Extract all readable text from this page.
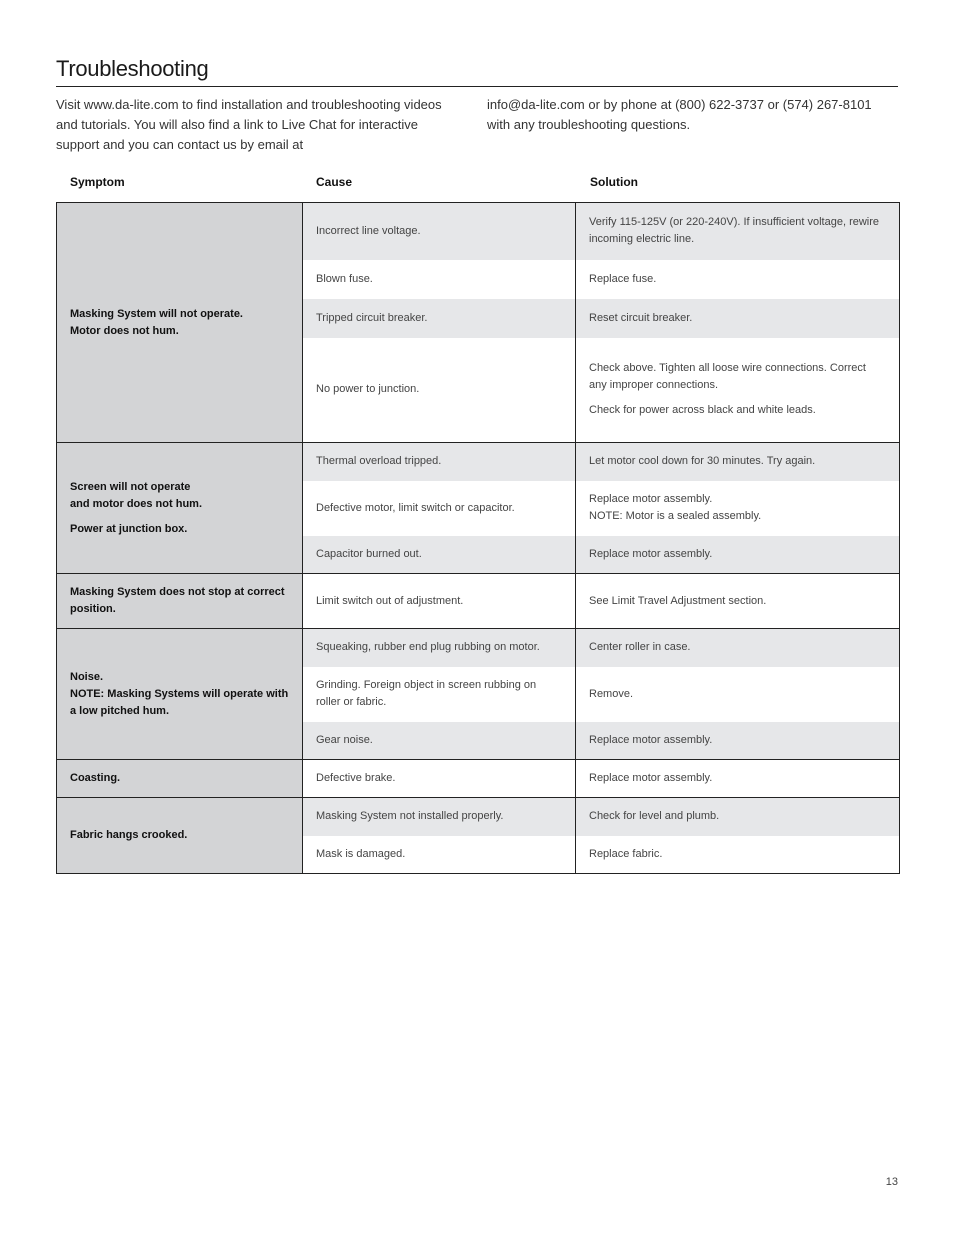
Troubleshooting
Visit www.da-lite.com to find installation and troubleshooting videos and tutorials. You will also find a link to Live Chat for interactive support and you can contact us by email at
info@da-lite.com or by phone at (800) 622-3737 or (574) 267-8101 with any troubleshooting questions.
Symptom	Cause	Solution

Masking System will not operate.

Motor does not hum.	Incorrect line voltage.	Verify 115-125V (or 220-240V). If insufficient voltage, rewire incoming electric line.

	Blown fuse.	Replace fuse.

	Tripped circuit breaker.	Reset circuit breaker.

	No power to junction.	Check above. Tighten all loose wire connections. Correct any improper connections.

Check for power across black and white leads.

Screen will not operate

and motor does not hum.

Power at junction box.	Thermal overload tripped.	Let motor cool down for 30 minutes. Try again.

	Defective motor, limit switch or capacitor.	Replace motor assembly.

NOTE: Motor is a sealed assembly.

	Capacitor burned out.	Replace motor assembly.

Masking System does not stop at correct position.	Limit switch out of adjustment.	See Limit Travel Adjustment section.

Noise.

NOTE: Masking Systems will operate with a low pitched hum.	Squeaking, rubber end plug rubbing on motor.	Center roller in case.

	Grinding. Foreign object in screen rubbing on roller or fabric.	Remove.

	Gear noise.	Replace motor assembly.

Coasting.	Defective brake.	Replace motor assembly.

Fabric hangs crooked.	Masking System not installed properly.	Check for level and plumb.

	Mask is damaged.	Replace fabric.

13
